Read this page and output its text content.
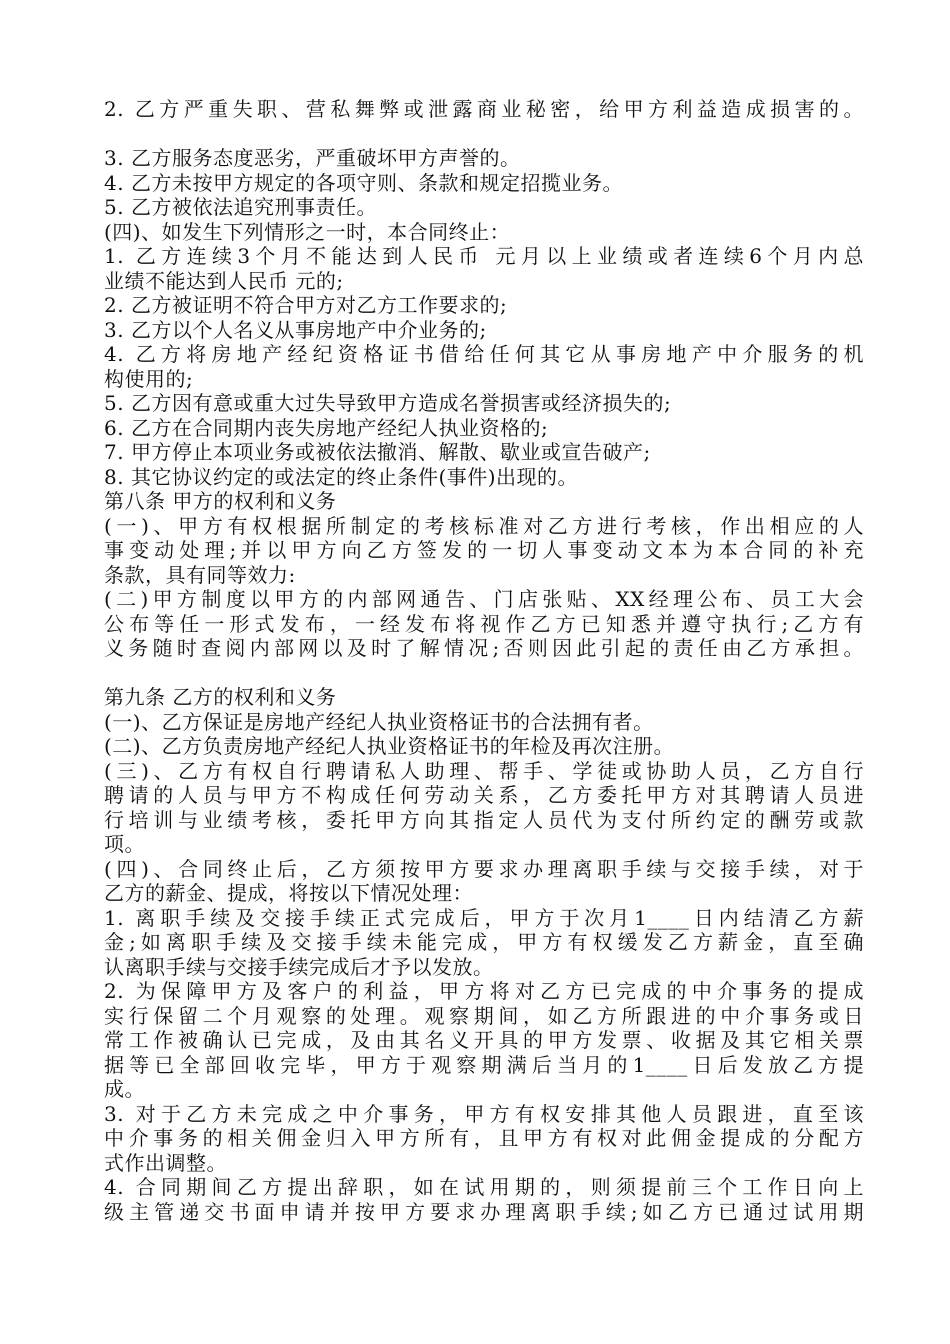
2. 乙方严重失职、营私舞弊或泄露商业秘密，给甲方利益造成损害的。
3. 乙方服务态度恶劣，严重破坏甲方声誉的。
4. 乙方未按甲方规定的各项守则、条款和规定招揽业务。
5. 乙方被依法追究刑事责任。
(四)、如发生下列情形之一时，本合同终止：
1. 乙方连续3个月不能达到人民币 元月以上业绩或者连续6个月内总
业绩不能达到人民币 元的;
2. 乙方被证明不符合甲方对乙方工作要求的;
3. 乙方以个人名义从事房地产中介业务的;
4. 乙方将房地产经纪资格证书借给任何其它从事房地产中介服务的机
构使用的;
5. 乙方因有意或重大过失导致甲方造成名誉损害或经济损失的;
6. 乙方在合同期内丧失房地产经纪人执业资格的;
7. 甲方停止本项业务或被依法撤消、解散、歇业或宣告破产;
8. 其它协议约定的或法定的终止条件(事件)出现的。
第八条 甲方的权利和义务
(一)、甲方有权根据所制定的考核标准对乙方进行考核，作出相应的人
事变动处理;并以甲方向乙方签发的一切人事变动文本为本合同的补充
条款，具有同等效力:
(二)甲方制度以甲方的内部网通告、门店张贴、XX经理公布、员工大会
公布等任一形式发布，一经发布将视作乙方已知悉并遵守执行;乙方有
义务随时查阅内部网以及时了解情况;否则因此引起的责任由乙方承担。
第九条 乙方的权利和义务
(一)、乙方保证是房地产经纪人执业资格证书的合法拥有者。
(二)、乙方负责房地产经纪人执业资格证书的年检及再次注册。
(三)、乙方有权自行聘请私人助理、帮手、学徒或协助人员，乙方自行
聘请的人员与甲方不构成任何劳动关系，乙方委托甲方对其聘请人员进
行培训与业绩考核，委托甲方向其指定人员代为支付所约定的酬劳或款
项。
(四)、合同终止后，乙方须按甲方要求办理离职手续与交接手续，对于
乙方的薪金、提成，将按以下情况处理：
1. 离职手续及交接手续正式完成后，甲方于次月1____日内结清乙方薪
金;如离职手续及交接手续未能完成，甲方有权缓发乙方薪金，直至确
认离职手续与交接手续完成后才予以发放。
2. 为保障甲方及客户的利益，甲方将对乙方已完成的中介事务的提成
实行保留二个月观察的处理。观察期间，如乙方所跟进的中介事务或日
常工作被确认已完成，及由其名义开具的甲方发票、收据及其它相关票
据等已全部回收完毕，甲方于观察期满后当月的1____日后发放乙方提
成。
3. 对于乙方未完成之中介事务，甲方有权安排其他人员跟进，直至该
中介事务的相关佣金归入甲方所有，且甲方有权对此佣金提成的分配方
式作出调整。
4. 合同期间乙方提出辞职，如在试用期的，则须提前三个工作日向上
级主管递交书面申请并按甲方要求办理离职手续;如乙方已通过试用期
